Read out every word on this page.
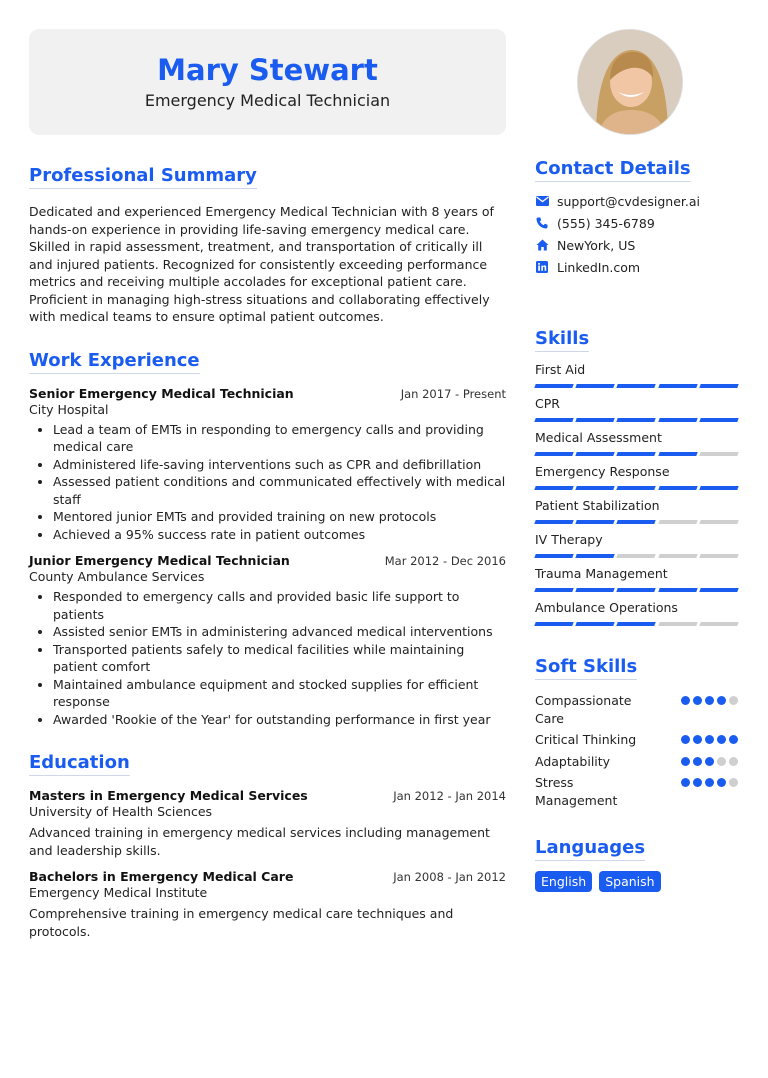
Mary Stewart
Emergency Medical Technician
Professional Summary

Dedicated and experienced Emergency Medical Technician with 8 years of hands-on experience in providing life-saving emergency medical care. Skilled in rapid assessment, treatment, and transportation of critically ill and injured patients. Recognized for consistently exceeding performance metrics and receiving multiple accolades for exceptional patient care. Proficient in managing high-stress situations and collaborating effectively with medical teams to ensure optimal patient outcomes.

Work Experience
Senior Emergency Medical Technician	Jan 2017 - Present
City Hospital
• Lead a team of EMTs in responding to emergency calls and providing medical care
• Administered life-saving interventions such as CPR and defibrillation
• Assessed patient conditions and communicated effectively with medical staff
• Mentored junior EMTs and provided training on new protocols
• Achieved a 95% success rate in patient outcomes
Junior Emergency Medical Technician	Mar 2012 - Dec 2016
County Ambulance Services
• Responded to emergency calls and provided basic life support to patients
• Assisted senior EMTs in administering advanced medical interventions
• Transported patients safely to medical facilities while maintaining patient comfort
• Maintained ambulance equipment and stocked supplies for efficient response
• Awarded 'Rookie of the Year' for outstanding performance in first year
Education
Masters in Emergency Medical Services	Jan 2012 - Jan 2014
University of Health Sciences
Advanced training in emergency medical services including management and leadership skills.
Bachelors in Emergency Medical Care	Jan 2008 - Jan 2012
Emergency Medical Institute
Comprehensive training in emergency medical care techniques and protocols.
Contact Details
support@cvdesigner.ai
(555) 345-6789
NewYork, US
LinkedIn.com
Skills
First Aid
CPR
Medical Assessment
Emergency Response
Patient Stabilization
IV Therapy
Trauma Management
Ambulance Operations
Soft Skills
Compassionate Care
Critical Thinking
Adaptability
Stress Management
Languages
English Spanish
